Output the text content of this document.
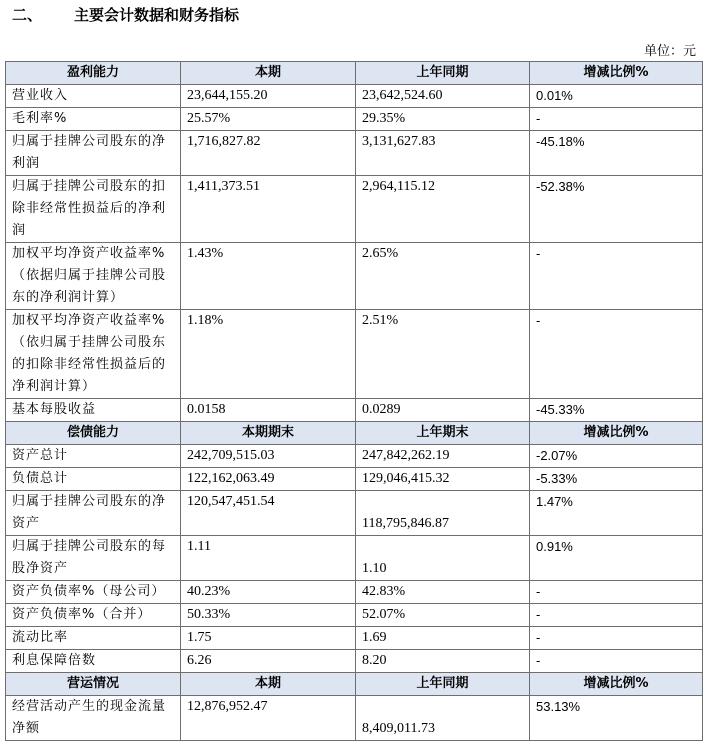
二、 主要会计数据和财务指标
单位：元
盈利能力	本期	上年同期	增减比例%
营业收入	23,644,155.20	23,642,524.60	0.01%
毛利率%	25.57%	29.35%	-
归属于挂牌公司股东的净利润	1,716,827.82	3,131,627.83	-45.18%
归属于挂牌公司股东的扣除非经常性损益后的净利润	1,411,373.51	2,964,115.12	-52.38%
加权平均净资产收益率%（依据归属于挂牌公司股东的净利润计算）	1.43%	2.65%	-
加权平均净资产收益率%（依归属于挂牌公司股东的扣除非经常性损益后的净利润计算）	1.18%	2.51%	-
基本每股收益	0.0158	0.0289	-45.33%
偿债能力	本期期末	上年期末	增减比例%
资产总计	242,709,515.03	247,842,262.19	-2.07%
负债总计	122,162,063.49	129,046,415.32	-5.33%
归属于挂牌公司股东的净资产	120,547,451.54	118,795,846.87	1.47%
归属于挂牌公司股东的每股净资产	1.11	1.10	0.91%
资产负债率%（母公司）	40.23%	42.83%	-
资产负债率%（合并）	50.33%	52.07%	-
流动比率	1.75	1.69	-
利息保障倍数	6.26	8.20	-
营运情况	本期	上年同期	增减比例%
经营活动产生的现金流量净额	12,876,952.47	8,409,011.73	53.13%
